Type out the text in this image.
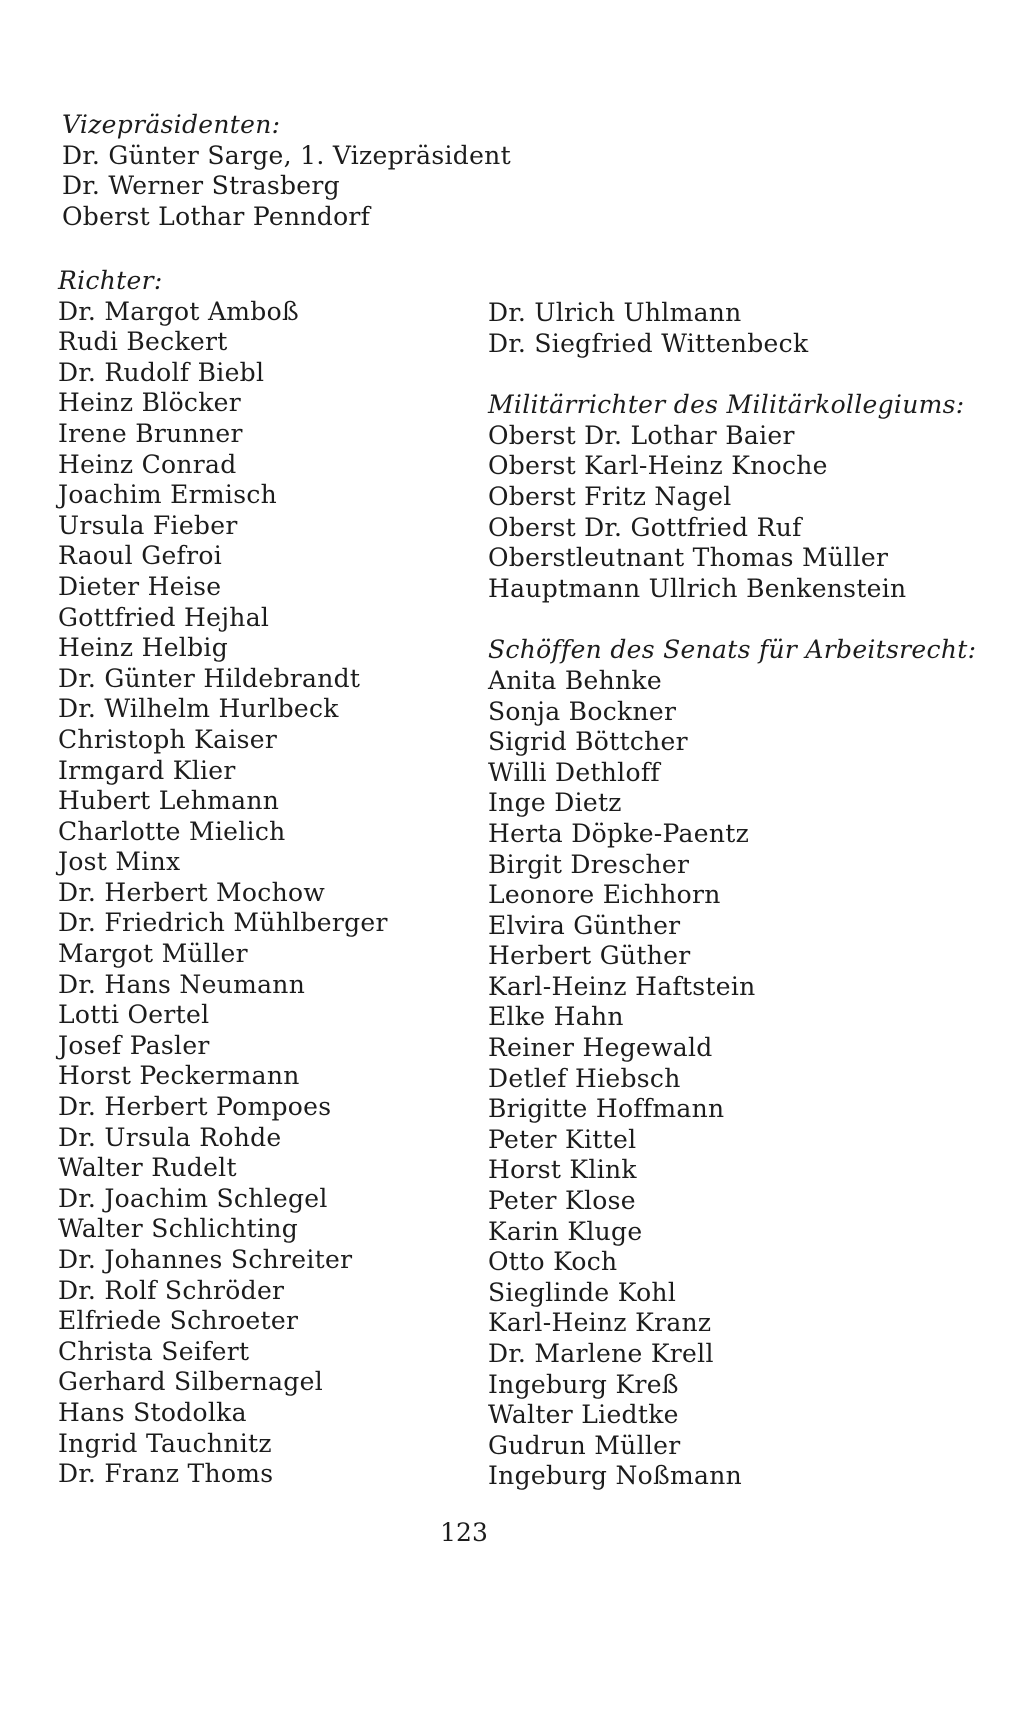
Vizepräsidenten:
Dr. Günter Sarge, 1. Vizepräsident
Dr. Werner Strasberg
Oberst Lothar Penndorf
Richter:
Dr. Margot Amboß
Rudi Beckert
Dr. Rudolf Biebl
Heinz Blöcker
Irene Brunner
Heinz Conrad
Joachim Ermisch
Ursula Fieber
Raoul Gefroi
Dieter Heise
Gottfried Hejhal
Heinz Helbig
Dr. Günter Hildebrandt
Dr. Wilhelm Hurlbeck
Christoph Kaiser
Irmgard Klier
Hubert Lehmann
Charlotte Mielich
Jost Minx
Dr. Herbert Mochow
Dr. Friedrich Mühlberger
Margot Müller
Dr. Hans Neumann
Lotti Oertel
Josef Pasler
Horst Peckermann
Dr. Herbert Pompoes
Dr. Ursula Rohde
Walter Rudelt
Dr. Joachim Schlegel
Walter Schlichting
Dr. Johannes Schreiter
Dr. Rolf Schröder
Elfriede Schroeter
Christa Seifert
Gerhard Silbernagel
Hans Stodolka
Ingrid Tauchnitz
Dr. Franz Thoms
Dr. Ulrich Uhlmann
Dr. Siegfried Wittenbeck
Militärrichter des Militärkollegiums:
Oberst Dr. Lothar Baier
Oberst Karl-Heinz Knoche
Oberst Fritz Nagel
Oberst Dr. Gottfried Ruf
Oberstleutnant Thomas Müller
Hauptmann Ullrich Benkenstein
Schöffen des Senats für Arbeitsrecht:
Anita Behnke
Sonja Bockner
Sigrid Böttcher
Willi Dethloff
Inge Dietz
Herta Döpke-Paentz
Birgit Drescher
Leonore Eichhorn
Elvira Günther
Herbert Güther
Karl-Heinz Haftstein
Elke Hahn
Reiner Hegewald
Detlef Hiebsch
Brigitte Hoffmann
Peter Kittel
Horst Klink
Peter Klose
Karin Kluge
Otto Koch
Sieglinde Kohl
Karl-Heinz Kranz
Dr. Marlene Krell
Ingeburg Kreß
Walter Liedtke
Gudrun Müller
Ingeburg Noßmann
123
